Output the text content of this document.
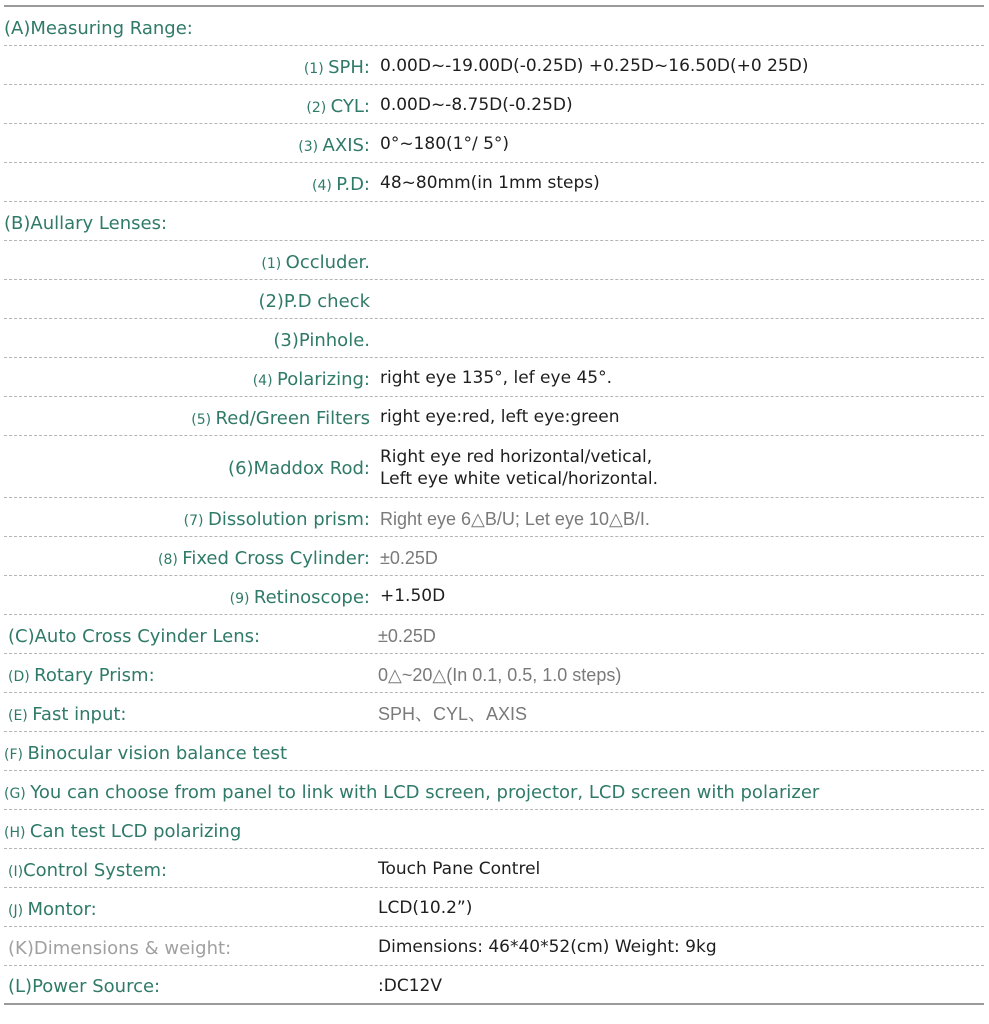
(A)Measuring Range:
(1) SPH: 0.00D~-19.00D(-0.25D) +0.25D~16.50D(+0 25D)
(2) CYL: 0.00D~-8.75D(-0.25D)
(3) AXIS: 0°~180(1°/ 5°)
(4) P.D: 48~80mm(in 1mm steps)
(B)Aullary Lenses:
(1) Occluder.
(2)P.D check
(3)Pinhole.
(4) Polarizing: right eye 135°, lef eye 45°.
(5) Red/Green Filters right eye:red, left eye:green
(6)Maddox Rod:
Right eye red horizontal/vetical,
Left eye white vetical/horizontal.
(7) Dissolution prism: Right eye 6△B/U; Let eye 10△B/I.
(8) Fixed Cross Cylinder: ±0.25D
(9) Retinoscope: +1.50D
(C)Auto Cross Cyinder Lens:	±0.25D
(D) Rotary Prism:	0△~20△(In 0.1, 0.5, 1.0 steps)
(E) Fast input:	SPH、CYL、AXIS
(F) Binocular vision balance test
(G) You can choose from panel to link with LCD screen, projector, LCD screen with polarizer
(H) Can test LCD polarizing
(I)Control System:	Touch Pane Contrel
(J) Montor:	LCD(10.2”)
(K)Dimensions & weight:	Dimensions: 46*40*52(cm) Weight: 9kg
(L)Power Source:	:DC12V
